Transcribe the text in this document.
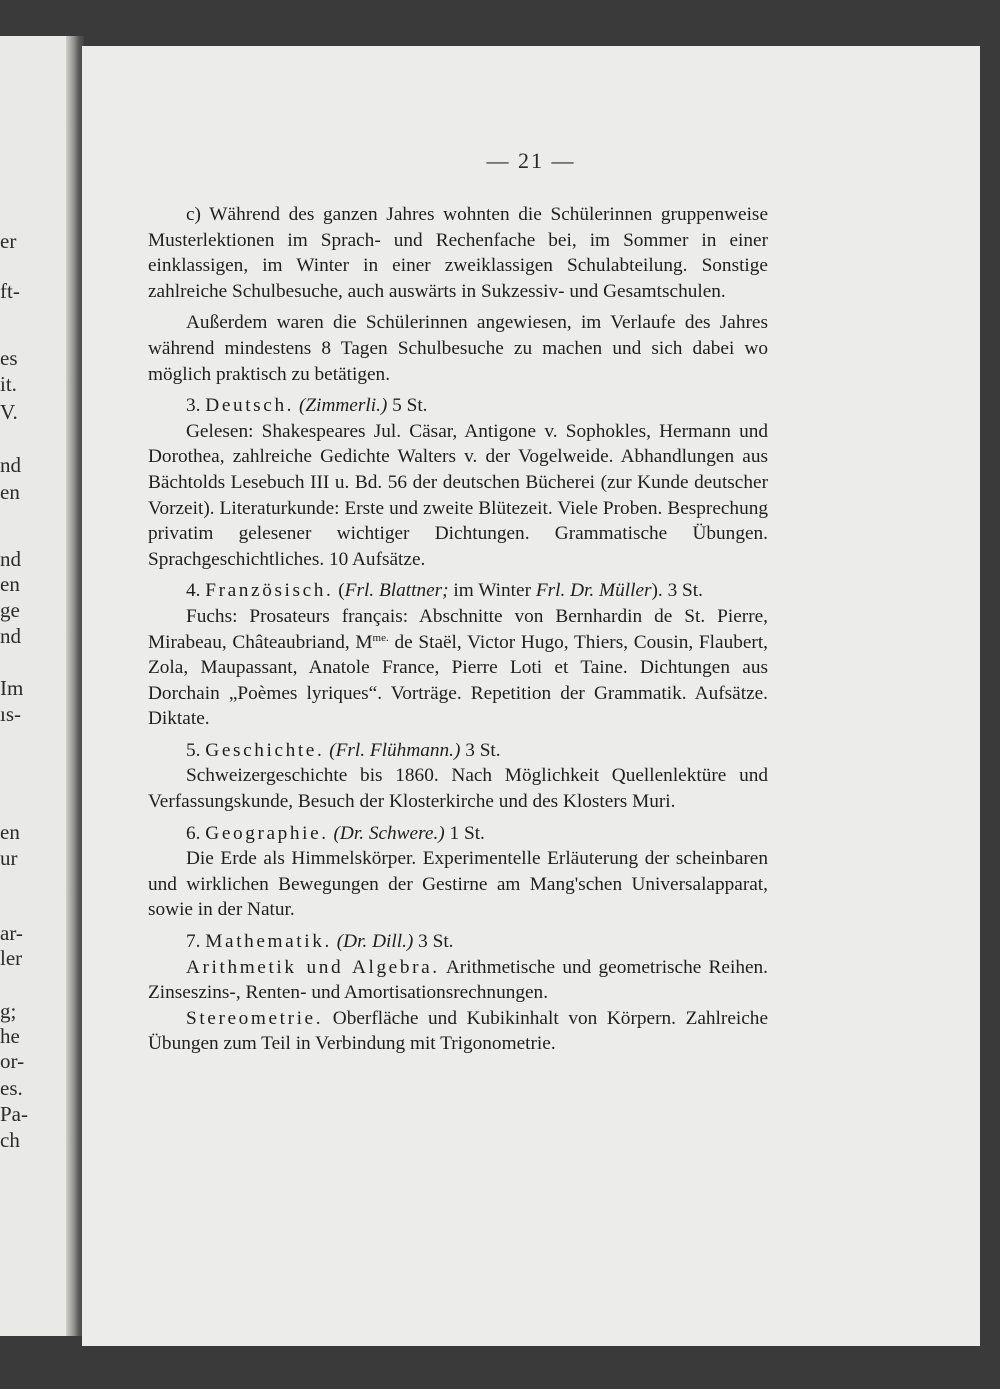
er
ft-
es
it.
V.
nd
en
nd
en
ge
nd
Im
ıs-
en
ur
ar-
ler
g;
he
or-
es.
Pa-
ch
— 21 —

c) Während des ganzen Jahres wohnten die Schülerinnen gruppenweise Musterlektionen im Sprach- und Rechenfache bei, im Sommer in einer einklassigen, im Winter in einer zweiklassigen Schulabteilung. Sonstige zahlreiche Schulbesuche, auch auswärts in Sukzessiv- und Gesamtschulen.

Außerdem waren die Schülerinnen angewiesen, im Verlaufe des Jahres während mindestens 8 Tagen Schulbesuche zu machen und sich dabei wo möglich praktisch zu betätigen.

3. Deutsch. (Zimmerli.) 5 St.

Gelesen: Shakespeares Jul. Cäsar, Antigone v. Sophokles, Hermann und Dorothea, zahlreiche Gedichte Walters v. der Vogelweide. Abhandlungen aus Bächtolds Lesebuch III u. Bd. 56 der deutschen Bücherei (zur Kunde deutscher Vorzeit). Literaturkunde: Erste und zweite Blütezeit. Viele Proben. Besprechung privatim gelesener wichtiger Dichtungen. Grammatische Übungen. Sprachgeschichtliches. 10 Aufsätze.

4. Französisch. (Frl. Blattner; im Winter Frl. Dr. Müller). 3 St.

Fuchs: Prosateurs français: Abschnitte von Bernhardin de St. Pierre, Mirabeau, Châteaubriand, $M^{me.}$ de Staël, Victor Hugo, Thiers, Cousin, Flaubert, Zola, Maupassant, Anatole France, Pierre Loti et Taine. Dichtungen aus Dorchain „Poèmes lyriques“. Vorträge. Repetition der Grammatik. Aufsätze. Diktate.

5. Geschichte. (Frl. Flühmann.) 3 St.

Schweizergeschichte bis 1860. Nach Möglichkeit Quellenlektüre und Verfassungskunde, Besuch der Klosterkirche und des Klosters Muri.

6. Geographie. (Dr. Schwere.) 1 St.

Die Erde als Himmelskörper. Experimentelle Erläuterung der scheinbaren und wirklichen Bewegungen der Gestirne am Mang'schen Universalapparat, sowie in der Natur.

7. Mathematik. (Dr. Dill.) 3 St.

Arithmetik und Algebra. Arithmetische und geometrische Reihen. Zinseszins-, Renten- und Amortisationsrechnungen.

Stereometrie. Oberfläche und Kubikinhalt von Körpern. Zahlreiche Übungen zum Teil in Verbindung mit Trigonometrie.
